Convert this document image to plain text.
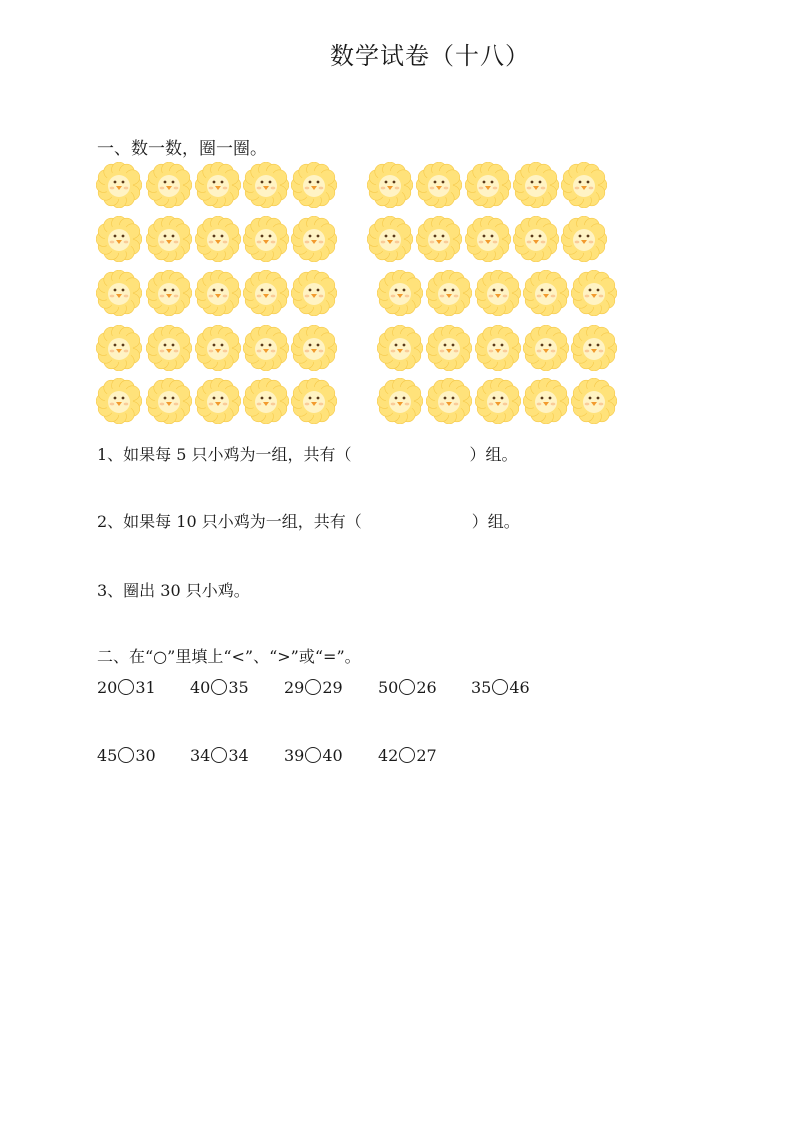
数学试卷（十八）
一、数一数，圈一圈。
1、如果每 5 只小鸡为一组，共有（	）组。
2、如果每 10 只小鸡为一组，共有（	）组。
3、圈出 30 只小鸡。
二、在“○”里填上“<”、“>”或“=”。
20 31 40 35 29 29 50 26 35 46
45 30 34 34 39 40 42 27
